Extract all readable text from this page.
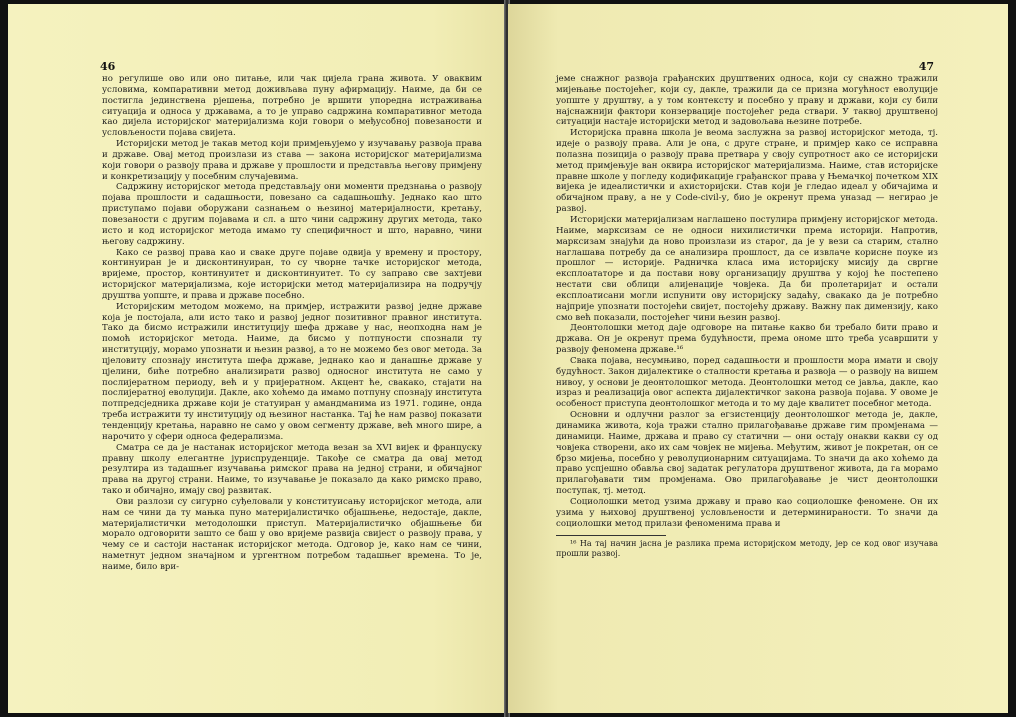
46

но регулише ово или оно питање, или чак цијела грана живота. У оваквим условима, компаративни метод доживљава пуну афирмацију. Наиме, да би се постигла јединствена рјешења, потребно је вршити упоредна истраживања ситуација и односа у државама, а то је управо садржина компаративног метода као дијела историјског материјализма који говори о међусобној повезаности и условљености појава свијета.

Историјски метод је такав метод који примјењујемо у изучавању развоја права и државе. Овај метод произлази из става — закона историјског материјализма који говори о развоју права и државе у прошлости и представља његову примјену и конкретизацију у посебним случајевима.

Садржину историјског метода представљају они моменти предзнања о развоју појава прошлости и садашњости, повезано са садашњошћу. Једнако као што приступамо појави оборужани сазнањем о њезиној материјалности, кретању, повезаности с другим појавама и сл. а што чини садржину других метода, тако исто и код историјског метода имамо ту специфичност и што, наравно, чини његову садржину.

Како се развој права као и сваке друге појаве одвија у времену и простору, континуиран је и дисконтинуиран, то су чворне тачке историјског метода, вријеме, простор, континуитет и дисконтинуитет. То су заправо све захтјеви историјског материјализма, које историјски метод материјализира на подручју друштва уопште, и права и државе посебно.

Историјским методом можемо, на примјер, истражити развој једне државе која је постојала, али исто тако и развој једног позитивног правног института. Тако да бисмо истражили институцију шефа државе у нас, неопходна нам је помоћ историјског метода. Наиме, да бисмо у потпуности спознали ту институцију, морамо упознати и њезин развој, а то не можемо без овог метода. За цјеловиту спознају института шефа државе, једнако као и данашње државе у цјелини, биће потребно анализирати развој односног института не само у послијератном периоду, већ и у пријератном. Акцент ће, свакако, стајати на послијератној еволуцији. Дакле, ако хоћемо да имамо потпуну спознају института потпредсједника државе који је статуиран у амандманима из 1971. године, онда треба истражити ту институцију од њезиног настанка. Тај ће нам развој показати тенденцију кретања, наравно не само у овом сегменту државе, већ много шире, а нарочито у сфери односа федерализма.

Сматра се да је настанак историјског метода везан за XVI вијек и француску правну школу елегантне јуриспруденције. Такође се сматра да овај метод резултира из тадашњег изучавања римског права на једној страни, и обичајног права на другој страни. Наиме, то изучавање је показало да како римско право, тако и обичајно, имају свој развитак.

Ови разлози су сигурно суђеловали у конституисању историјског метода, али нам се чини да ту мањка пуно материјалистичко објашњење, недостаје, дакле, материјалистички методолошки приступ. Материјалистичко објашњење би морало одговорити зашто се баш у ово вријеме развија свијест о развоју права, у чему се и састоји настанак историјског метода. Одговор је, како нам се чини, наметнут једном значајном и ургентном потребом тадашњег времена. То је, наиме, било ври-

47

јеме снажног развоја грађанских друштвених односа, који су снажно тражили мијењање постојећег, који су, дакле, тражили да се призна могућност еволуције уопште у друштву, а у том контексту и посебно у праву и држави, који су били најснажнији фактори конзервације постојећег реда ствари. У таквој друштвеној ситуацији настаје историјски метод и задовољава њезине потребе.

Историјска правна школа је веома заслужна за развој историјског метода, тј. идеје о развоју права. Али је она, с друге стране, и примјер како се исправна полазна позиција о развоју права претвара у своју супротност ако се историјски метод примјењује ван оквира историјског материјализма. Наиме, став историјске правне школе у погледу кодификације грађанског права у Њемачкој почетком XIX вијека је идеалистички и ахисторијски. Став који је гледао идеал у обичајима и обичајном праву, а не у Code-civil-у, био је окренут према уназад — негирао је развој.

Историјски материјализам наглашено постулира примјену историјског метода. Наиме, марксизам се не односи нихилистички према историји. Напротив, марксизам знајући да ново произлази из старог, да је у вези са старим, стално наглашава потребу да се анализира прошлост, да се извлаче корисне поуке из прошлог — историје. Радничка класа има историјску мисију да свргне експлоататоре и да постави нову организацију друштва у којој ће постепено нестати сви облици алијенације човјека. Да би пролетаријат и остали експлоатисани могли испунити ову историјску задаћу, свакако да је потребно најприје упознати постојећи свијет, постојећу државу. Важну пак димензију, како смо већ показали, постојећег чини њезин развој.

Деонтолошки метод даје одговоре на питање какво би требало бити право и држава. Он је окренут према будућности, према ономе што треба усавршити у развоју феномена државе.¹⁶

Свака појава, несумњиво, поред садашњости и прошлости мора имати и своју будућност. Закон дијалектике о сталности кретања и развоја — о развоју на вишем нивоу, у основи је деонтолошког метода. Деонтолошки метод се јавља, дакле, као израз и реализација овог аспекта дијалектичког закона развоја појава. У овоме је особеност приступа деонтолошког метода и то му даје квалитет посебног метода.

Основни и одлучни разлог за егзистенцију деонтолошког метода је, дакле, динамика живота, која тражи стално прилагођавање државе гим промјенама — динамици. Наиме, држава и право су статични — они остају онакви какви су од човјека створени, ако их сам човјек не мијења. Међутим, живот је покретан, он се брзо мијења, посебно у револуционарним ситуацијама. То значи да ако хоћемо да право успјешно обавља свој задатак регулатора друштвеног живота, да га морамо прилагођавати тим промјенама. Ово прилагођавање је чист деонтолошки поступак, тј. метод.

Социолошки метод узима државу и право као социолошке феномене. Он их узима у њиховој друштвеној условљености и детерминираности. То значи да социолошки метод прилази феноменима права и

¹⁶ На тај начин јасна је разлика према историјском методу, јер се код овог изучава прошли развој.
